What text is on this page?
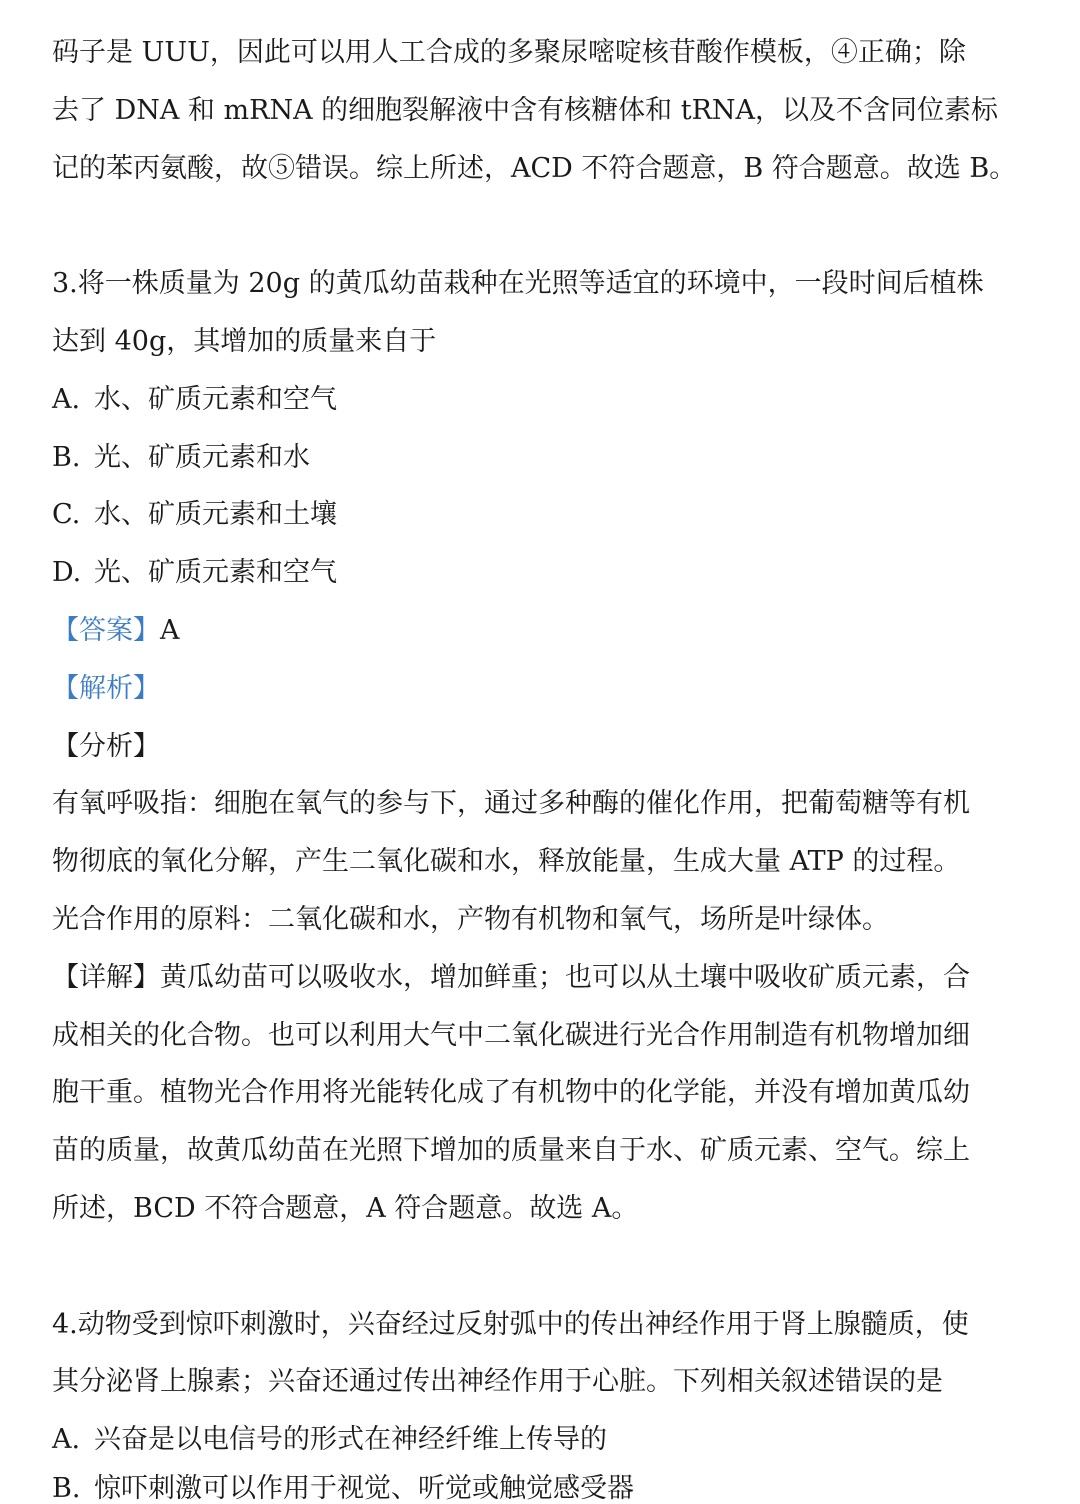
码子是 UUU，因此可以用人工合成的多聚尿嘧啶核苷酸作模板，④正确；除
去了 DNA 和 mRNA 的细胞裂解液中含有核糖体和 tRNA，以及不含同位素标
记的苯丙氨酸，故⑤错误。综上所述，ACD 不符合题意，B 符合题意。故选 B。
3.将一株质量为 20g 的黄瓜幼苗栽种在光照等适宜的环境中，一段时间后植株
达到 40g，其增加的质量来自于
A. 水、矿质元素和空气
B. 光、矿质元素和水
C. 水、矿质元素和土壤
D. 光、矿质元素和空气
【答案】A
【解析】
【分析】
有氧呼吸指：细胞在氧气的参与下，通过多种酶的催化作用，把葡萄糖等有机
物彻底的氧化分解，产生二氧化碳和水，释放能量，生成大量 ATP 的过程。
光合作用的原料：二氧化碳和水，产物有机物和氧气，场所是叶绿体。
【详解】黄瓜幼苗可以吸收水，增加鲜重；也可以从土壤中吸收矿质元素，合
成相关的化合物。也可以利用大气中二氧化碳进行光合作用制造有机物增加细
胞干重。植物光合作用将光能转化成了有机物中的化学能，并没有增加黄瓜幼
苗的质量，故黄瓜幼苗在光照下增加的质量来自于水、矿质元素、空气。综上
所述，BCD 不符合题意，A 符合题意。故选 A。
4.动物受到惊吓刺激时，兴奋经过反射弧中的传出神经作用于肾上腺髓质，使
其分泌肾上腺素；兴奋还通过传出神经作用于心脏。下列相关叙述错误的是
A. 兴奋是以电信号的形式在神经纤维上传导的
B. 惊吓刺激可以作用于视觉、听觉或触觉感受器
